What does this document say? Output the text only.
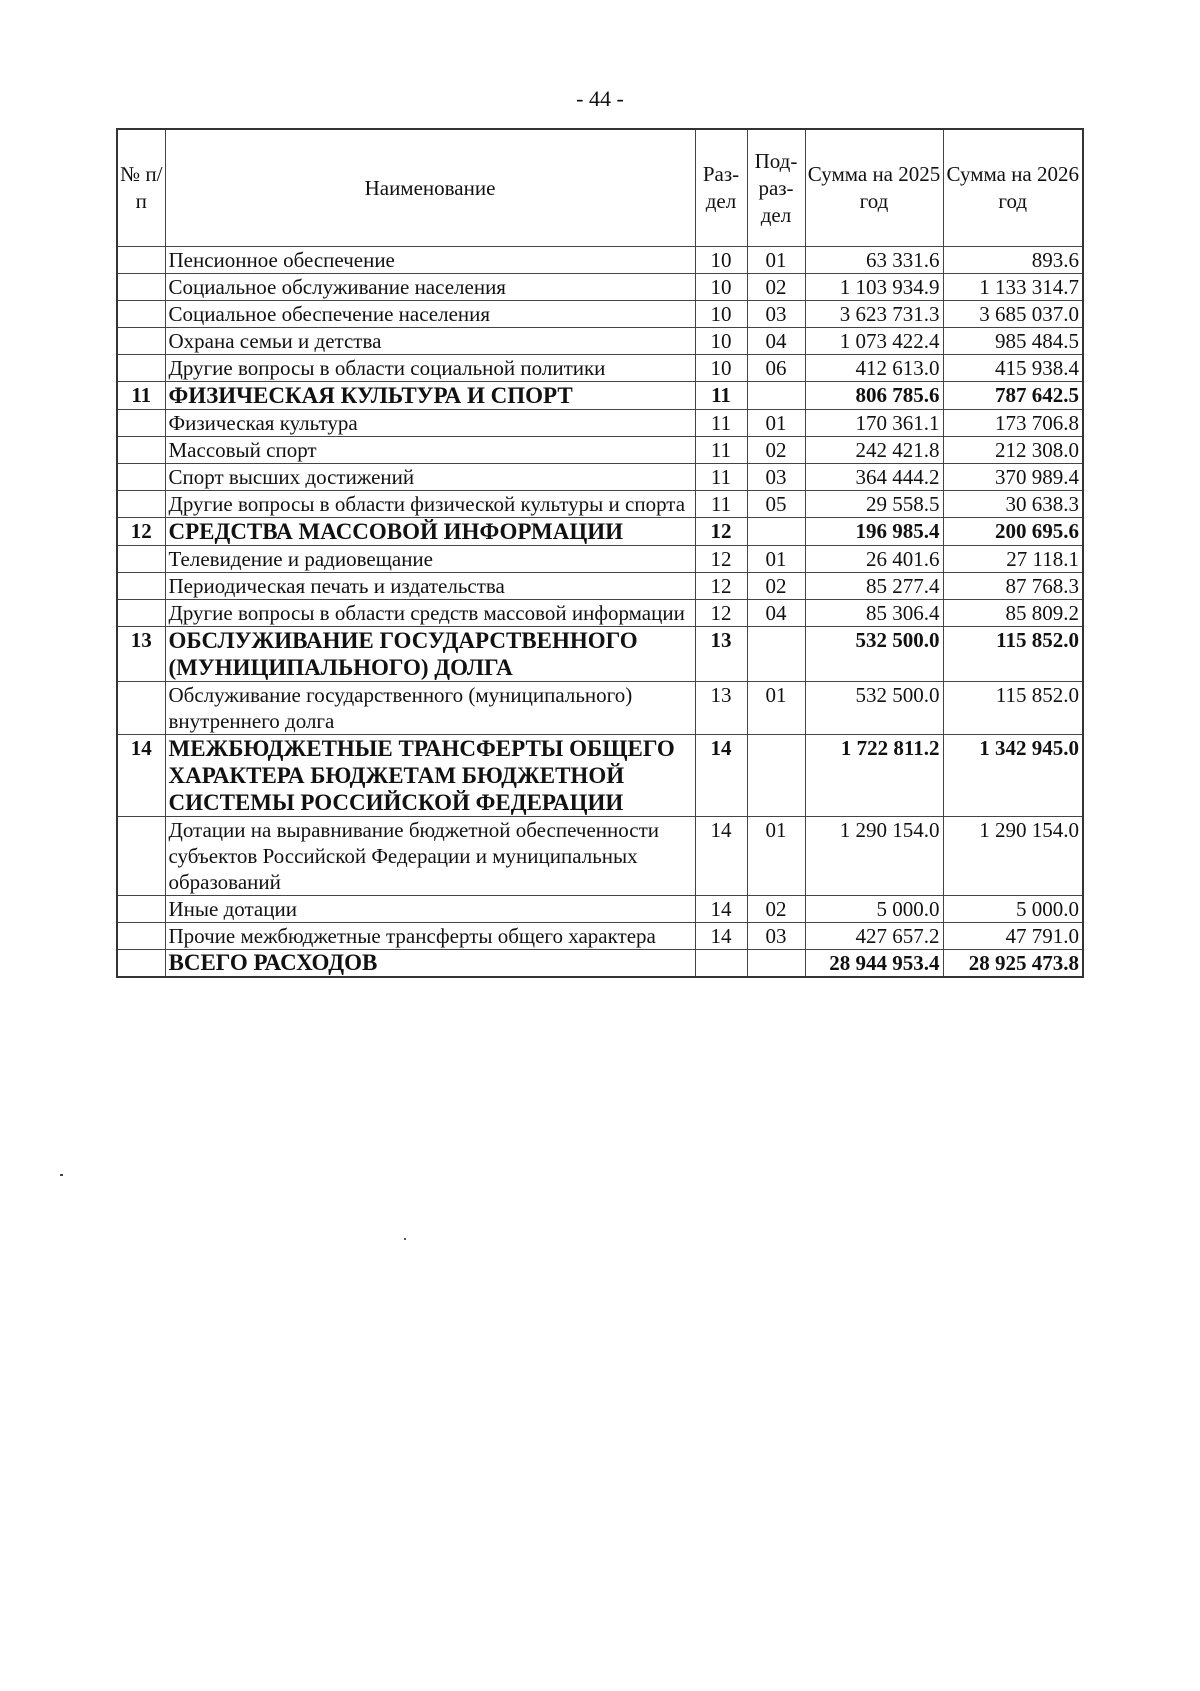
- 44 -
№ п/п	Наименование	Раз-дел	Под-раз-дел	Сумма на 2025 год	Сумма на 2026 год
	Пенсионное обеспечение	10	01	63 331.6	893.6
	Социальное обслуживание населения	10	02	1 103 934.9	1 133 314.7
	Социальное обеспечение населения	10	03	3 623 731.3	3 685 037.0
	Охрана семьи и детства	10	04	1 073 422.4	985 484.5
	Другие вопросы в области социальной политики	10	06	412 613.0	415 938.4
11	ФИЗИЧЕСКАЯ КУЛЬТУРА И СПОРТ	11		806 785.6	787 642.5
	Физическая культура	11	01	170 361.1	173 706.8
	Массовый спорт	11	02	242 421.8	212 308.0
	Спорт высших достижений	11	03	364 444.2	370 989.4
	Другие вопросы в области физической культуры и спорта	11	05	29 558.5	30 638.3
12	СРЕДСТВА МАССОВОЙ ИНФОРМАЦИИ	12		196 985.4	200 695.6
	Телевидение и радиовещание	12	01	26 401.6	27 118.1
	Периодическая печать и издательства	12	02	85 277.4	87 768.3
	Другие вопросы в области средств массовой информации	12	04	85 306.4	85 809.2
13	ОБСЛУЖИВАНИЕ ГОСУДАРСТВЕННОГО (МУНИЦИПАЛЬНОГО) ДОЛГА	13		532 500.0	115 852.0
	Обслуживание государственного (муниципального) внутреннего долга	13	01	532 500.0	115 852.0
14	МЕЖБЮДЖЕТНЫЕ ТРАНСФЕРТЫ ОБЩЕГО ХАРАКТЕРА БЮДЖЕТАМ БЮДЖЕТНОЙ СИСТЕМЫ РОССИЙСКОЙ ФЕДЕРАЦИИ	14		1 722 811.2	1 342 945.0
	Дотации на выравнивание бюджетной обеспеченности субъектов Российской Федерации и муниципальных образований	14	01	1 290 154.0	1 290 154.0
	Иные дотации	14	02	5 000.0	5 000.0
	Прочие межбюджетные трансферты общего характера	14	03	427 657.2	47 791.0
	ВСЕГО РАСХОДОВ			28 944 953.4	28 925 473.8
